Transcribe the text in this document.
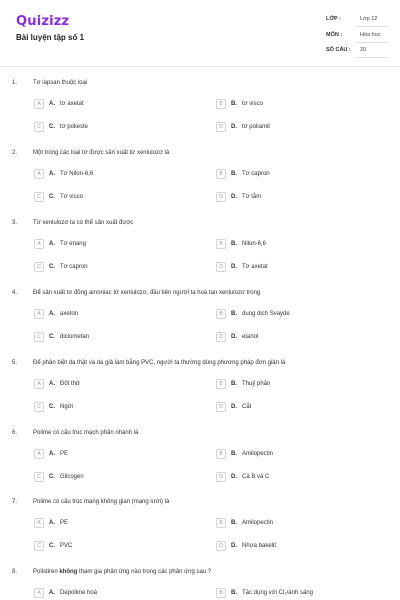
Quizizz
Bài luyện tập số 1
LỚP :	Lớp 12
MÔN :	Hóa học
SỐ CÂU : 20
1.	Tơ lapsan thuộc loại
A	A. tơ axetat	B	B. tơ visco
C	C. tơ polieste	D	D. tơ poliamit
2.	Một trong các loại tơ được sản xuất từ xenlulozơ là
A	A. Tơ Nilon-6,6	B	B. Tơ capron
C	C. Tơ visco	D	D. Tơ tằm
3.	Từ xenlulozơ ta có thể sản xuất được
A	A. Tơ enang	B	B. Nilon-6,6
C	C. Tơ capron	D	D. Tơ axetat
4.	Để sản xuất tơ đồng amoniac từ xenlulozơ, đầu tiên người ta hoà tan xenlulozơ trong
A	A. axeton	B	B. dung dịch Svayde
C	C. diclometan	D	D. etanol
5.	Để phân biệt da thật và da giả làm bằng PVC, người ta thường dùng phương pháp đơn giản là
A	A. Đốt thử	B	B. Thuỷ phân
C	C. Ngửi	D	D. Cắt
6.	Polime có cấu trúc mạch phân nhánh là
A	A. PE	B	B. Amilopectin
C	C. Glicogen	D	D. Cả B và C
7.	Polime có cấu trúc mạng không gian (mạng lưới) là
A	A. PE	B	B. Amilopectin
C	C. PVC	D	D. Nhựa bakelit
8.	Polistiren không tham gia phản ứng nào trong các phản ứng sau ?
A	A. Depolime hoá	B	B. Tác dụng với Cl₂/ánh sáng
